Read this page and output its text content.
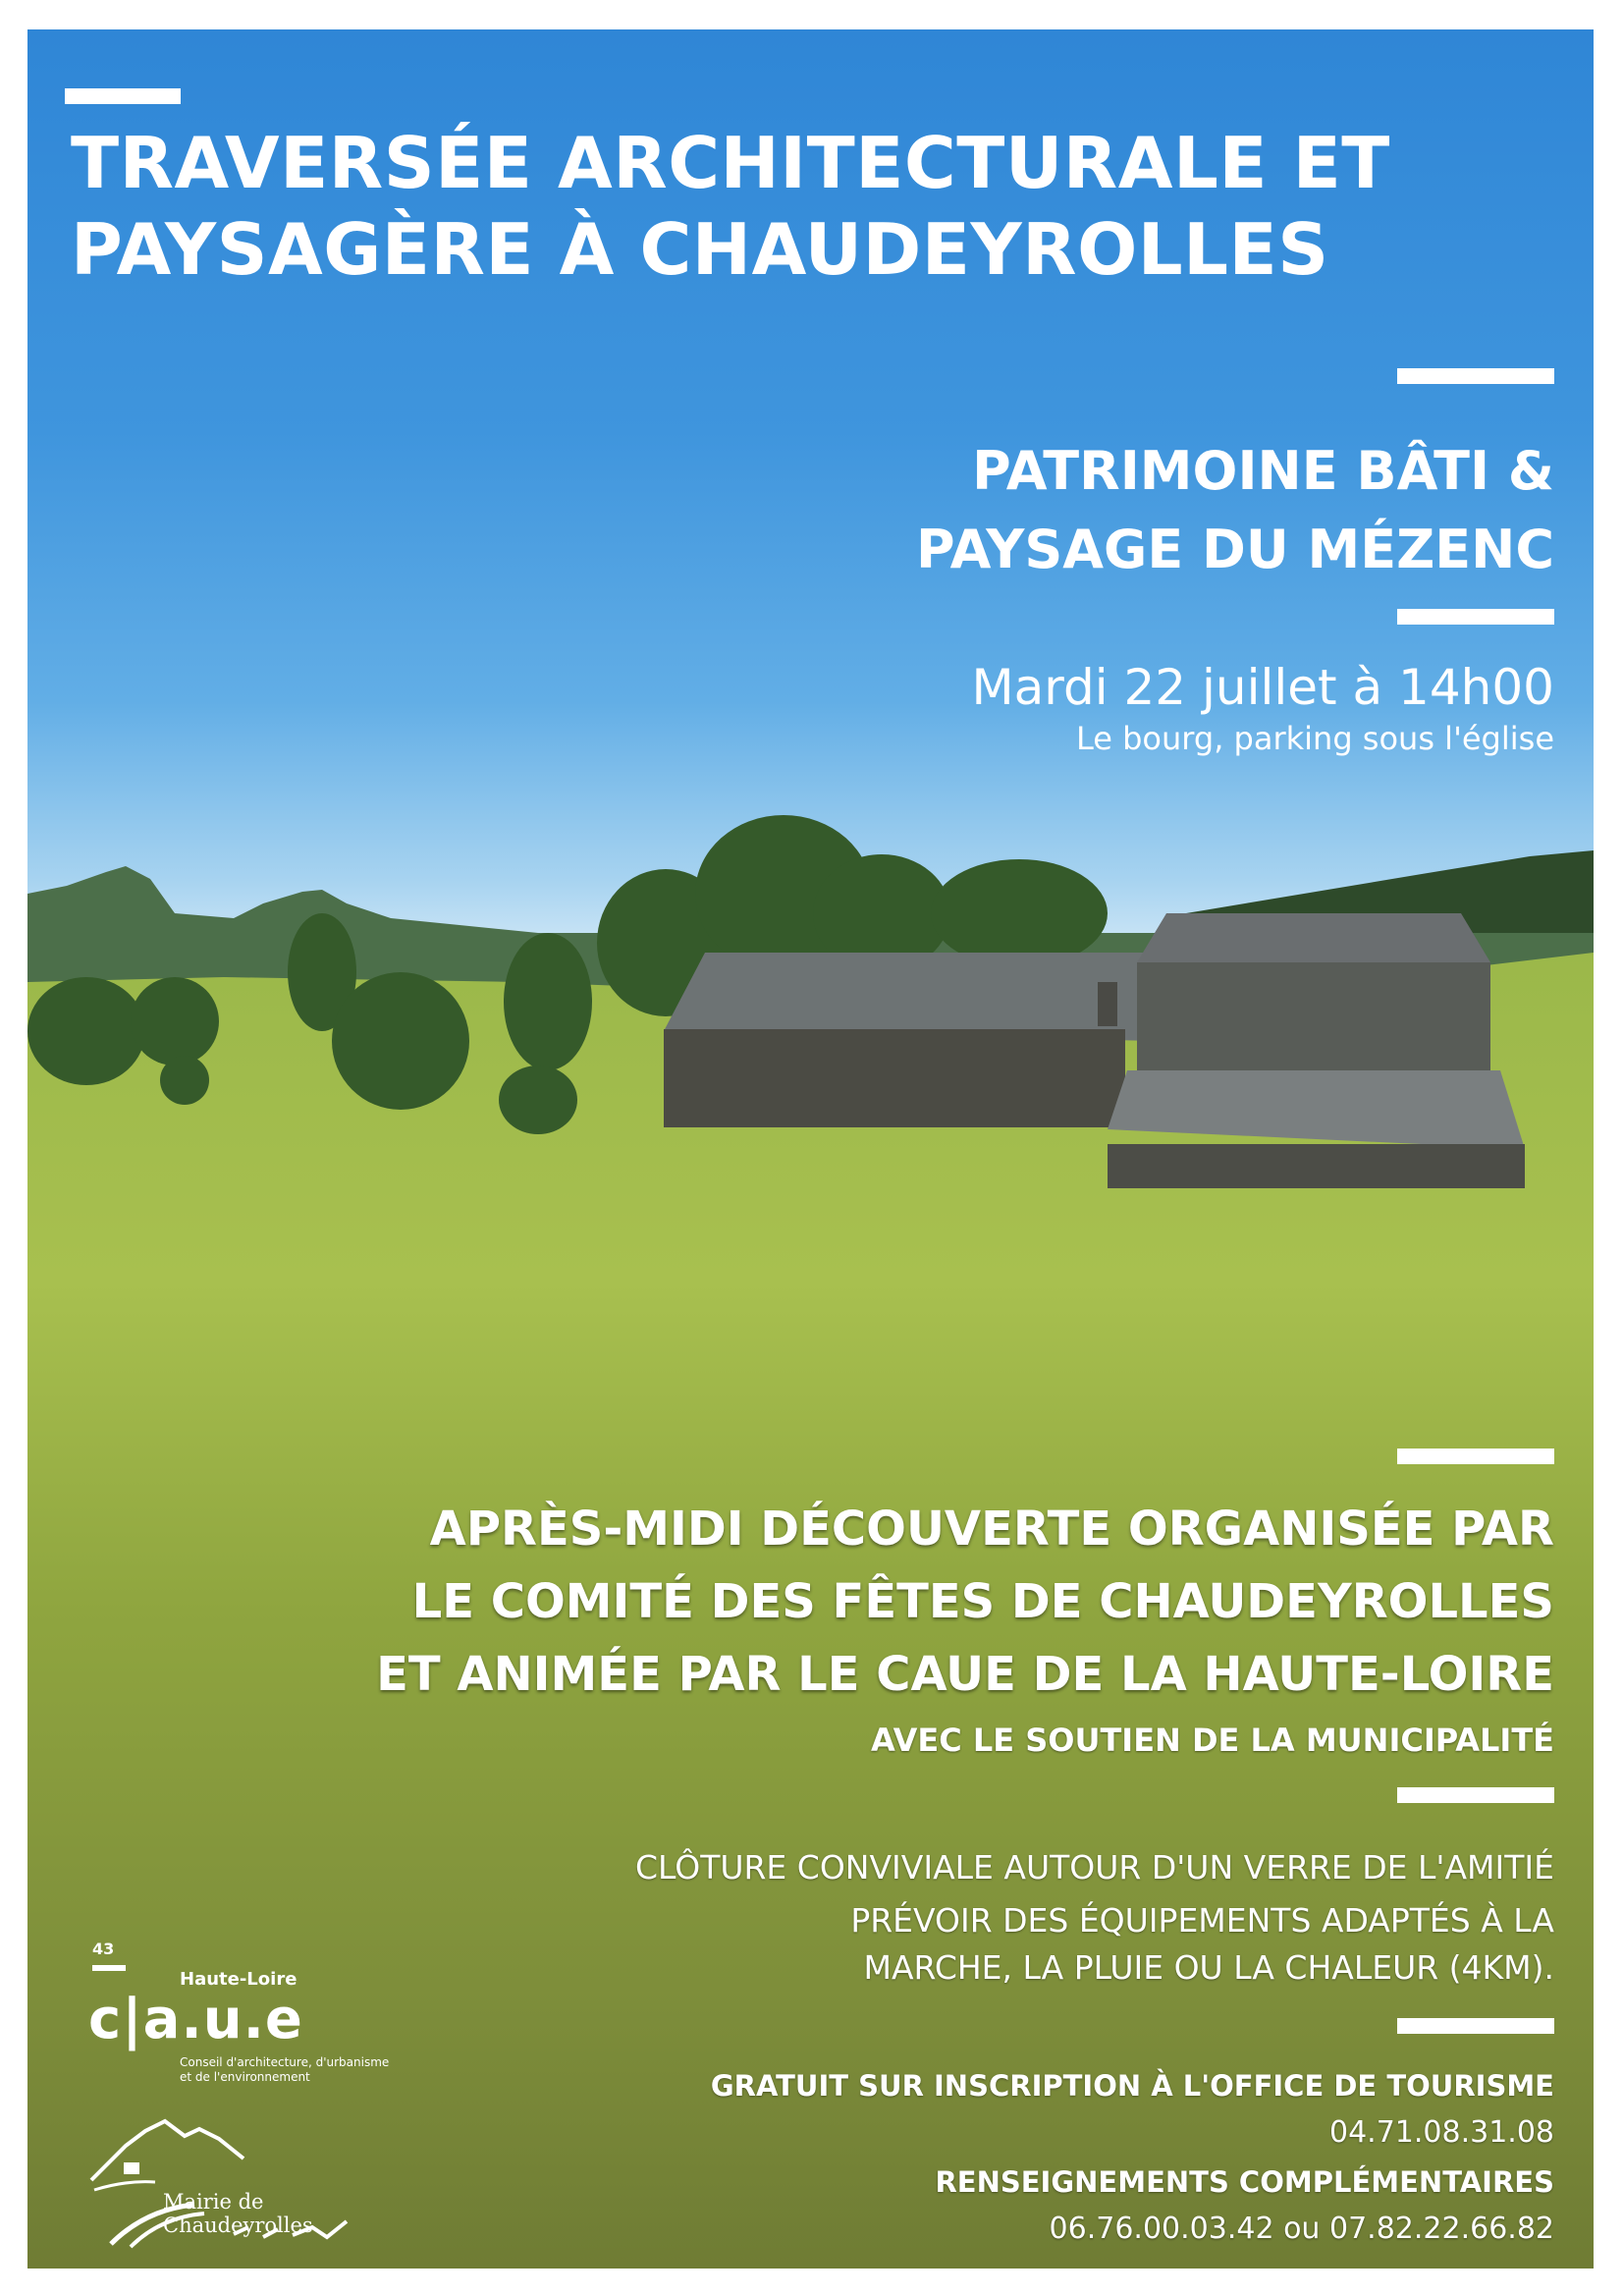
TRAVERSÉE ARCHITECTURALE ET
PAYSAGÈRE À CHAUDEYROLLES
PATRIMOINE BÂTI &
PAYSAGE DU MÉZENC

Mardi 22 juillet à 14h00

Le bourg, parking sous l'église

APRÈS-MIDI DÉCOUVERTE ORGANISÉE PAR
LE COMITÉ DES FÊTES DE CHAUDEYROLLES
ET ANIMÉE PAR LE CAUE DE LA HAUTE-LOIRE

AVEC LE SOUTIEN DE LA MUNICIPALITÉ

CLÔTURE CONVIVIALE AUTOUR D'UN VERRE DE L'AMITIÉ

PRÉVOIR DES ÉQUIPEMENTS ADAPTÉS À LA
MARCHE, LA PLUIE OU LA CHALEUR (4KM).

GRATUIT SUR INSCRIPTION À L'OFFICE DE TOURISME
04.71.08.31.08

RENSEIGNEMENTS COMPLÉMENTAIRES
06.76.00.03.42 ou 07.82.22.66.82

43
Haute-Loire
c|a.u.e
Conseil d'architecture, d'urbanisme
et de l'environnement
Mairie de Chaudeyrolles
